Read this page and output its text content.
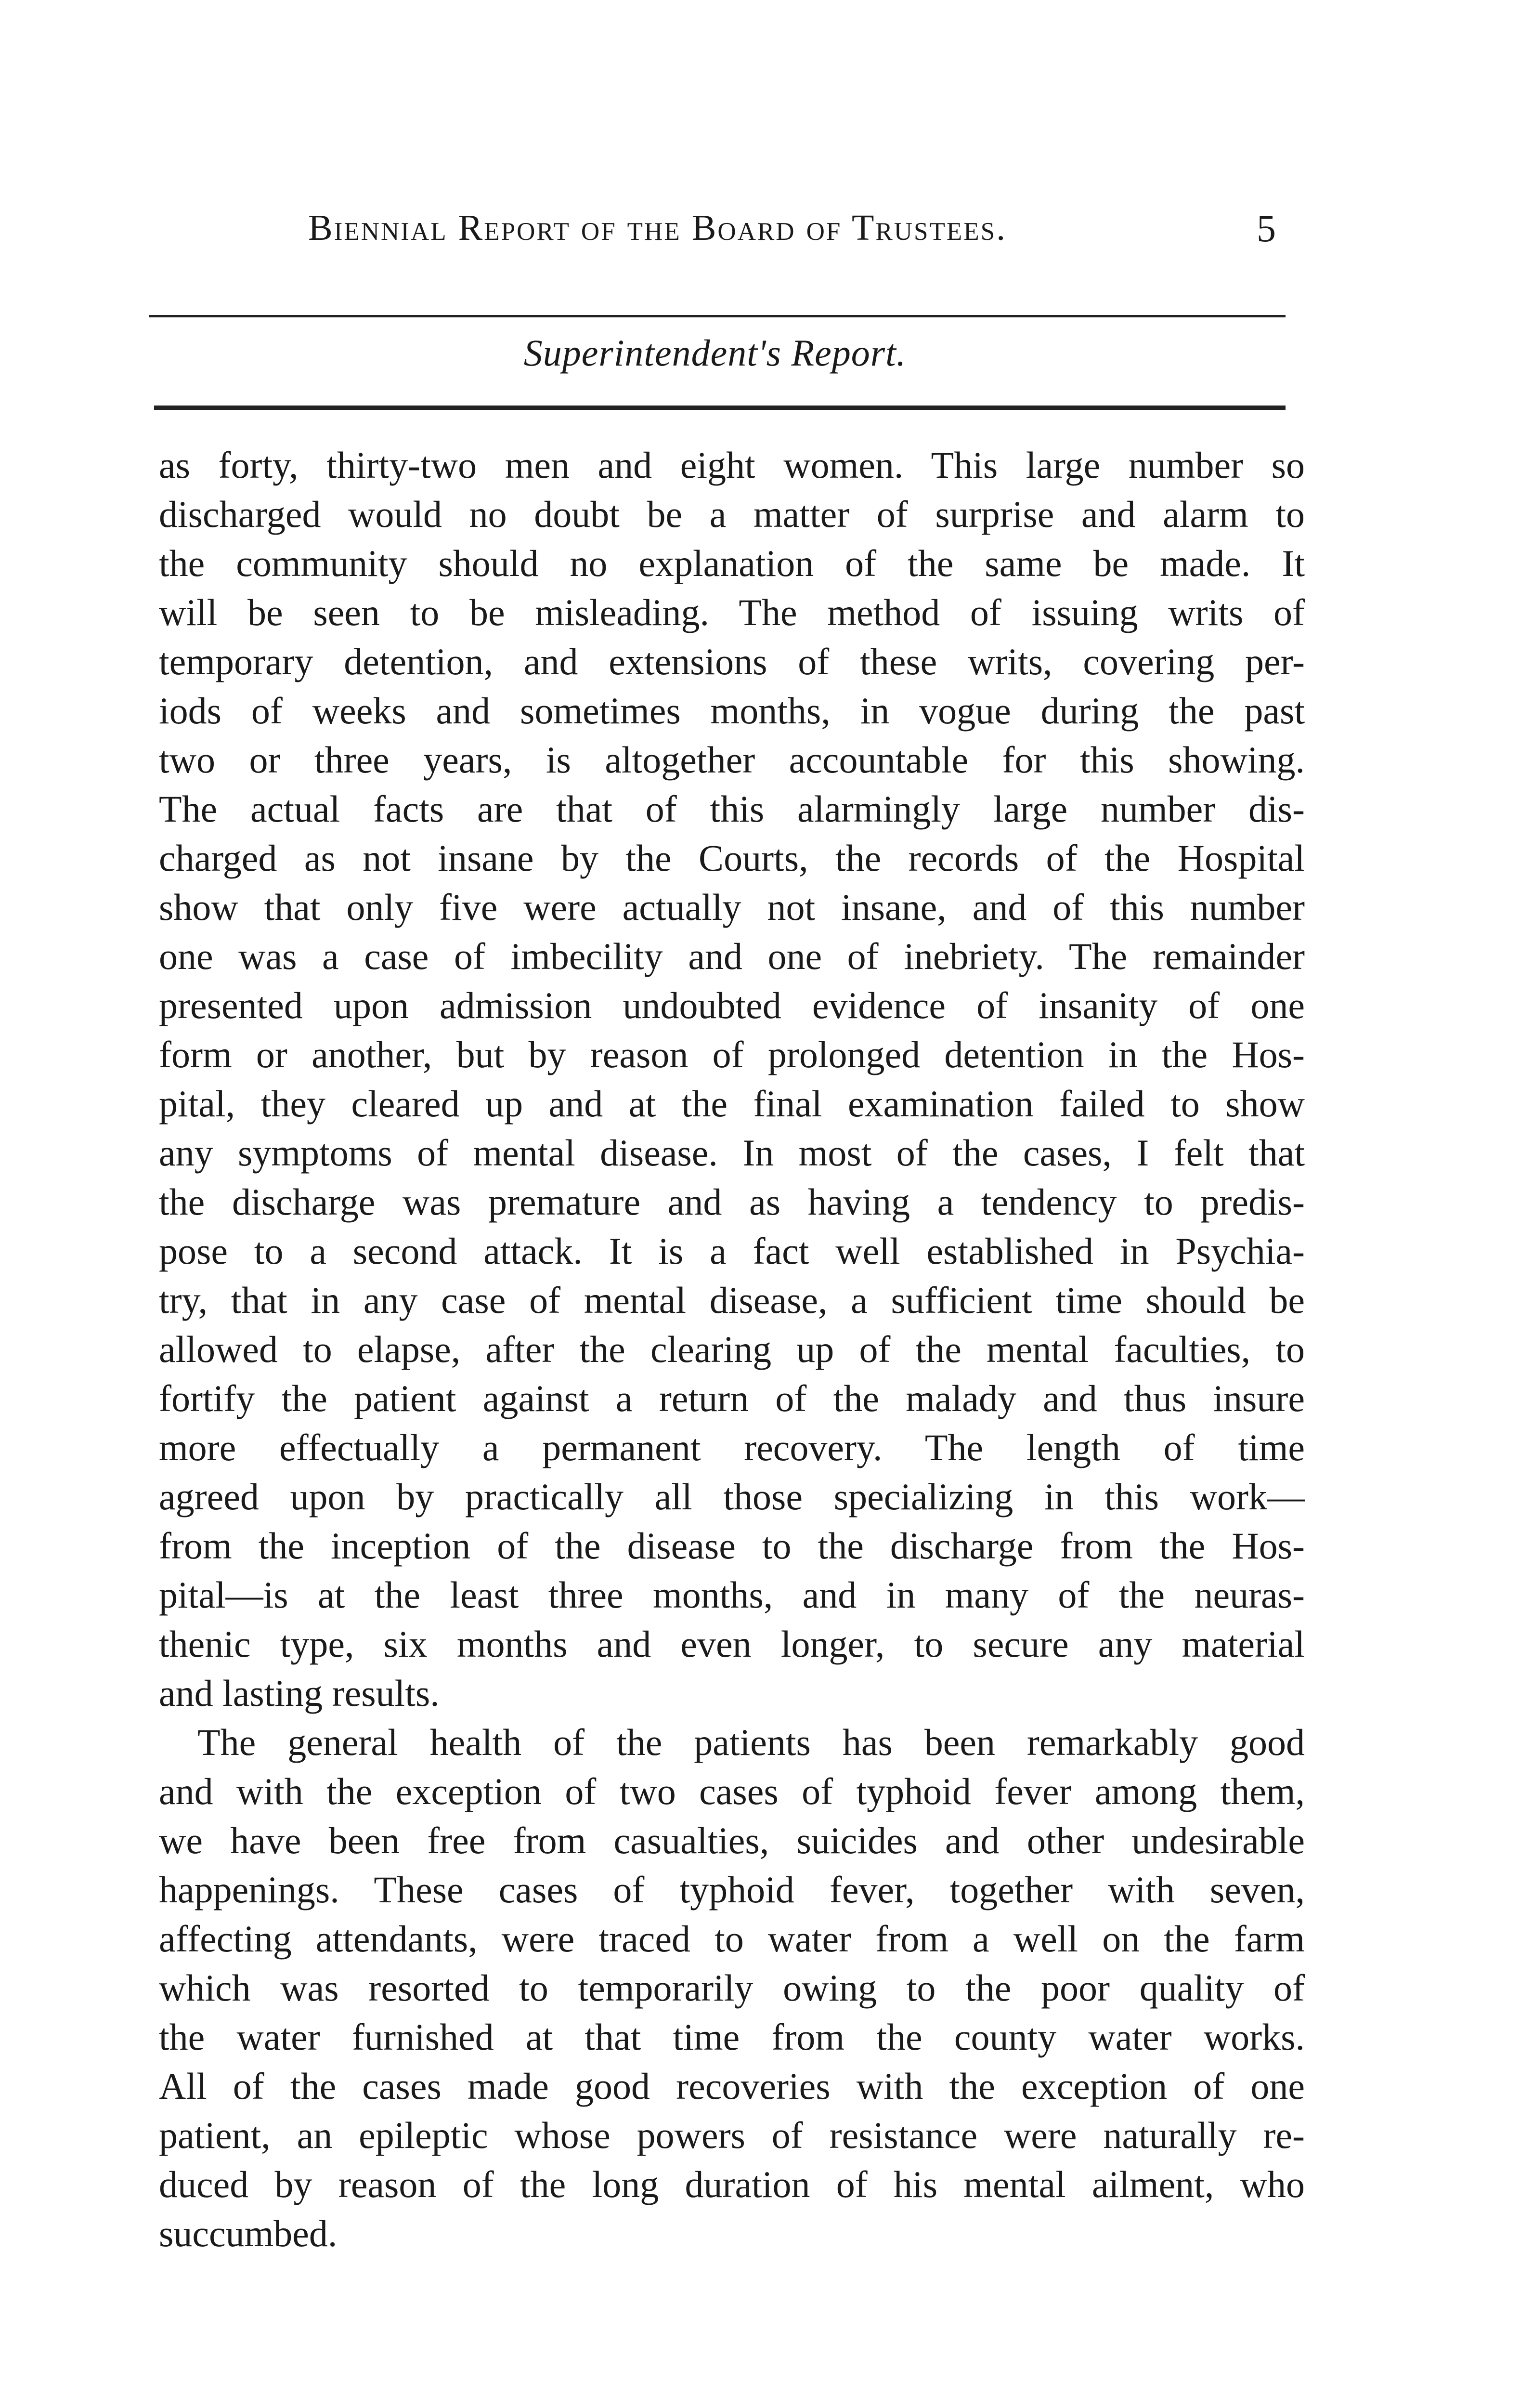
Biennial Report of the Board of Trustees.	5
Superintendent's Report.
as forty, thirty-two men and eight women. This large number so
discharged would no doubt be a matter of surprise and alarm to
the community should no explanation of the same be made. It
will be seen to be misleading. The method of issuing writs of
temporary detention, and extensions of these writs, covering per-
iods of weeks and sometimes months, in vogue during the past
two or three years, is altogether accountable for this showing.
The actual facts are that of this alarmingly large number dis-
charged as not insane by the Courts, the records of the Hospital
show that only five were actually not insane, and of this number
one was a case of imbecility and one of inebriety. The remainder
presented upon admission undoubted evidence of insanity of one
form or another, but by reason of prolonged detention in the Hos-
pital, they cleared up and at the final examination failed to show
any symptoms of mental disease. In most of the cases, I felt that
the discharge was premature and as having a tendency to predis-
pose to a second attack. It is a fact well established in Psychia-
try, that in any case of mental disease, a sufficient time should be
allowed to elapse, after the clearing up of the mental faculties, to
fortify the patient against a return of the malady and thus insure
more effectually a permanent recovery. The length of time
agreed upon by practically all those specializing in this work—
from the inception of the disease to the discharge from the Hos-
pital—is at the least three months, and in many of the neuras-
thenic type, six months and even longer, to secure any material
and lasting results.
The general health of the patients has been remarkably good
and with the exception of two cases of typhoid fever among them,
we have been free from casualties, suicides and other undesirable
happenings. These cases of typhoid fever, together with seven,
affecting attendants, were traced to water from a well on the farm
which was resorted to temporarily owing to the poor quality of
the water furnished at that time from the county water works.
All of the cases made good recoveries with the exception of one
patient, an epileptic whose powers of resistance were naturally re-
duced by reason of the long duration of his mental ailment, who
succumbed.
